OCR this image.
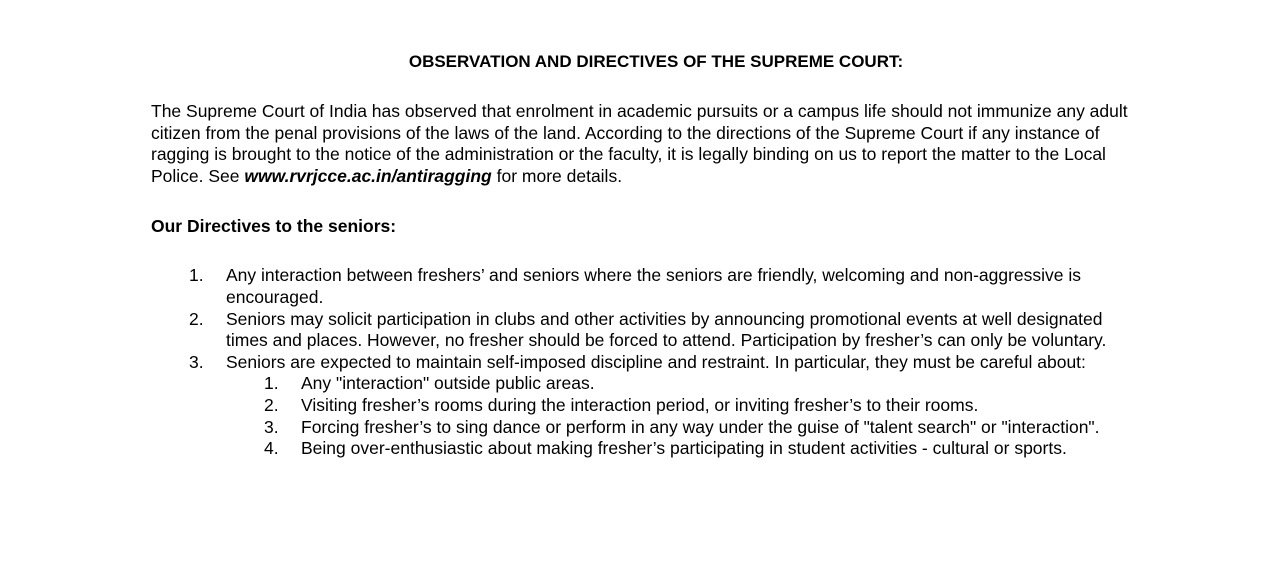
OBSERVATION AND DIRECTIVES OF THE SUPREME COURT:

The Supreme Court of India has observed that enrolment in academic pursuits or a campus life should not immunize any adult citizen from the penal provisions of the laws of the land. According to the directions of the Supreme Court if any instance of ragging is brought to the notice of the administration or the faculty, it is legally binding on us to report the matter to the Local Police. See www.rvrjcce.ac.in/antiragging for more details.

Our Directives to the seniors:
1. Any interaction between freshers’ and seniors where the seniors are friendly, welcoming and non-aggressive is encouraged.
2. Seniors may solicit participation in clubs and other activities by announcing promotional events at well designated times and places. However, no fresher should be forced to attend. Participation by fresher’s can only be voluntary.
3. Seniors are expected to maintain self-imposed discipline and restraint. In particular, they must be careful about:
1. Any "interaction" outside public areas.
2. Visiting fresher’s rooms during the interaction period, or inviting fresher’s to their rooms.
3. Forcing fresher’s to sing dance or perform in any way under the guise of "talent search" or "interaction".
4. Being over-enthusiastic about making fresher’s participating in student activities - cultural or sports.
